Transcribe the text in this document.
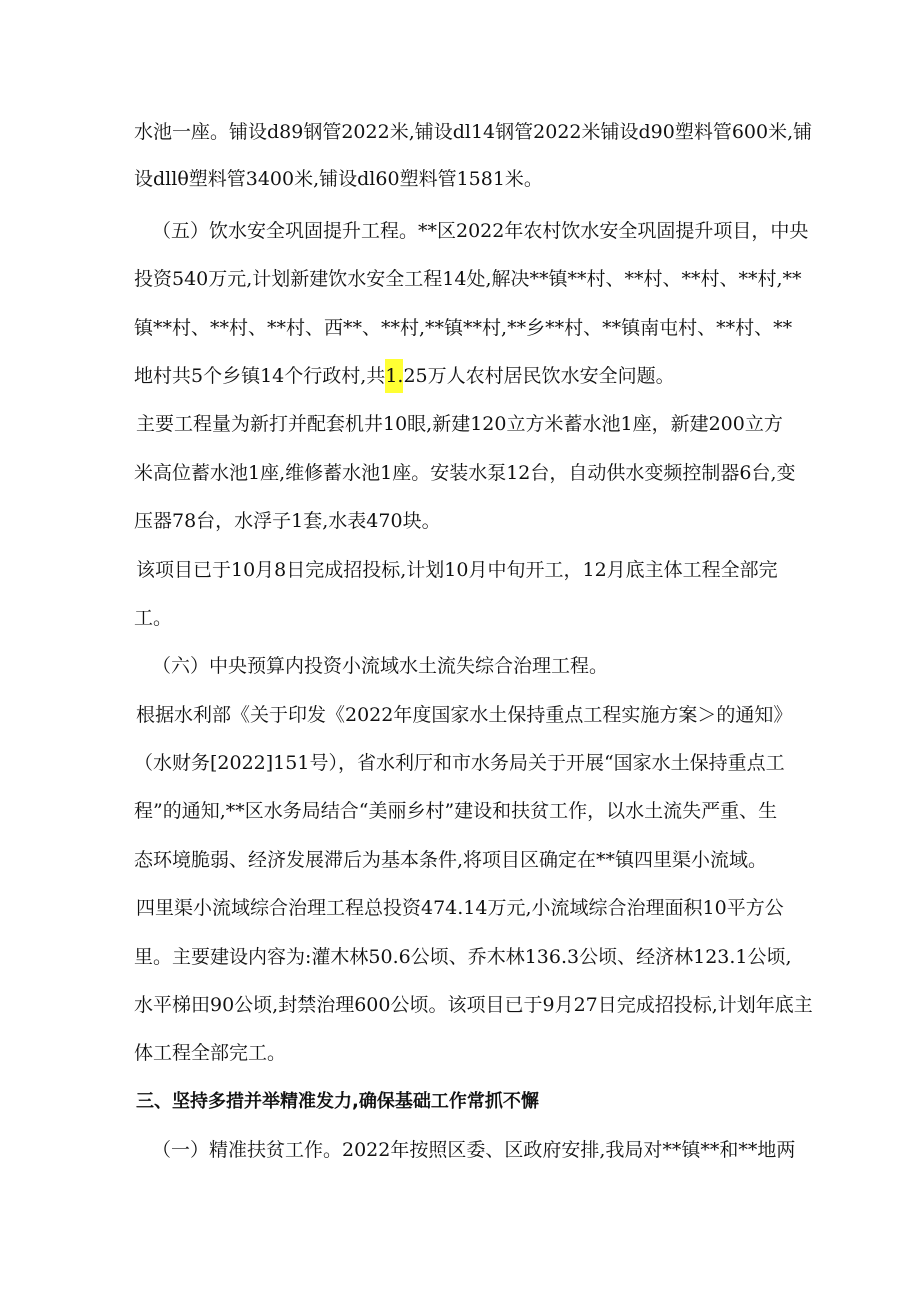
水池一座。铺设d89钢管2022米,铺设dl14钢管2022米铺设d90塑料管600米,铺
设dllθ塑料管3400米,铺设dl60塑料管1581米。
（五）饮水安全巩固提升工程。**区2022年农村饮水安全巩固提升项目，中央
投资540万元,计划新建饮水安全工程14处,解决**镇**村、**村、**村、**村,**
镇**村、**村、**村、西**、**村,**镇**村,**乡**村、**镇南屯村、**村、**
地村共5个乡镇14个行政村,共1.25万人农村居民饮水安全问题。
主要工程量为新打并配套机井10眼,新建120立方米蓄水池1座，新建200立方
米高位蓄水池1座,维修蓄水池1座。安装水泵12台，自动供水变频控制器6台,变
压器78台，水浮子1套,水表470块。
该项目已于10月8日完成招投标,计划10月中旬开工，12月底主体工程全部完
工。
（六）中央预算内投资小流域水土流失综合治理工程。
根据水利部《关于印发《2022年度国家水土保持重点工程实施方案＞的通知》
（水财务[2022]151号），省水利厅和市水务局关于开展“国家水土保持重点工
程”的通知,**区水务局结合“美丽乡村”建设和扶贫工作，以水土流失严重、生
态环境脆弱、经济发展滞后为基本条件,将项目区确定在**镇四里渠小流域。
四里渠小流域综合治理工程总投资474.14万元,小流域综合治理面积10平方公
里。主要建设内容为:灌木林50.6公顷、乔木林136.3公顷、经济林123.1公顷,
水平梯田90公顷,封禁治理600公顷。该项目已于9月27日完成招投标,计划年底主
体工程全部完工。
三、坚持多措并举精准发力,确保基础工作常抓不懈
（一）精准扶贫工作。2022年按照区委、区政府安排,我局对**镇**和**地两
